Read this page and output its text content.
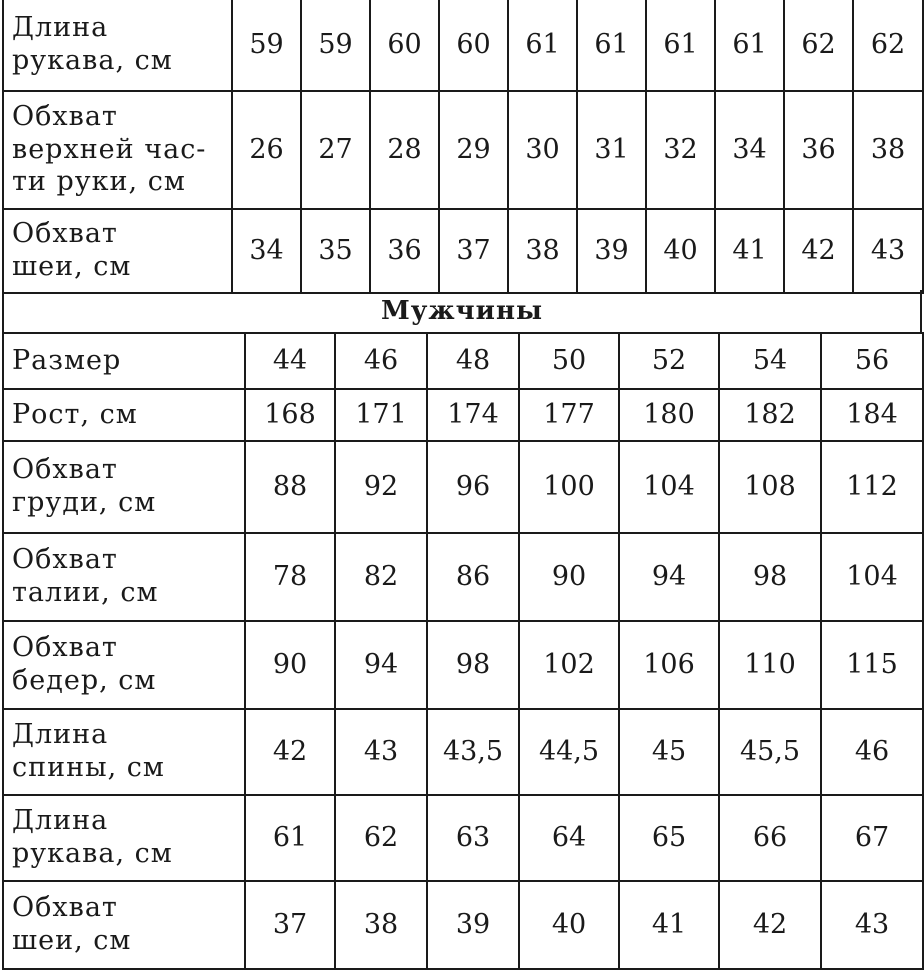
Длина
рукава, см	59	59	60	60	61	61	61	61	62	62

Обхват
верхней час-
ти руки, см	26	27	28	29	30	31	32	34	36	38

Обхват
шеи, см	34	35	36	37	38	39	40	41	42	43
Мужчины
Размер	44	46	48	50	52	54	56

Рост, см	168	171	174	177	180	182	184

Обхват
груди, см	88	92	96	100	104	108	112

Обхват
талии, см	78	82	86	90	94	98	104

Обхват
бедер, см	90	94	98	102	106	110	115

Длина
спины, см	42	43	43,5	44,5	45	45,5	46

Длина
рукава, см	61	62	63	64	65	66	67

Обхват
шеи, см	37	38	39	40	41	42	43
